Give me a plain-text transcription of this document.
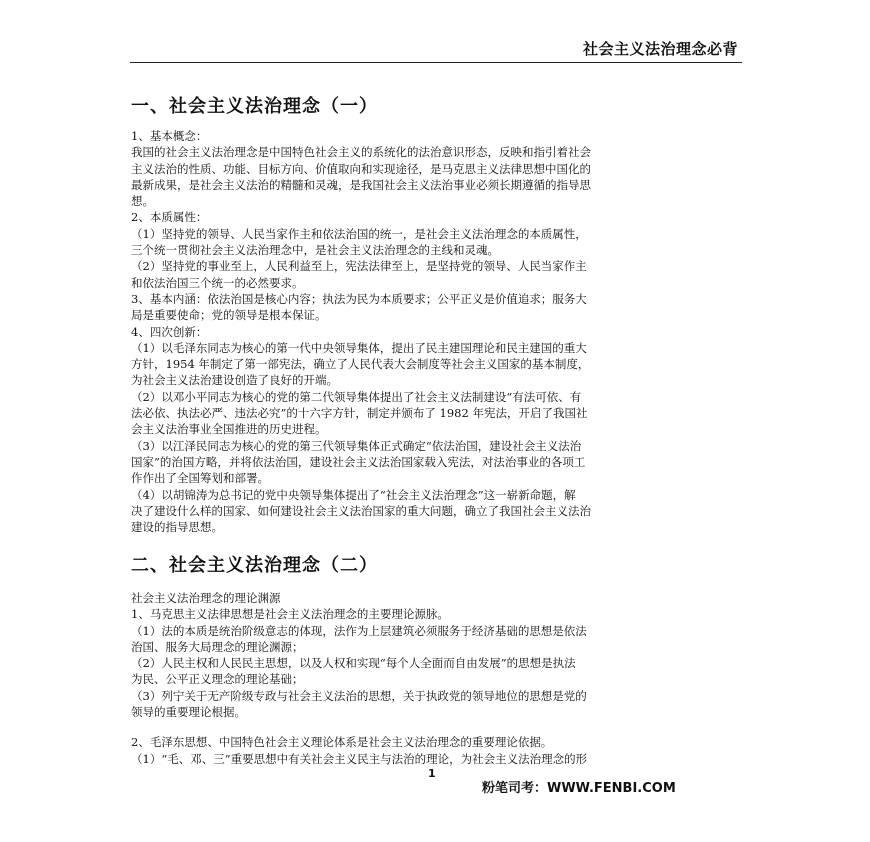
社会主义法治理念必背
一、社会主义法治理念（一）
1、基本概念：
我国的社会主义法治理念是中国特色社会主义的系统化的法治意识形态，反映和指引着社会
主义法治的性质、功能、目标方向、价值取向和实现途径，是马克思主义法律思想中国化的
最新成果，是社会主义法治的精髓和灵魂，是我国社会主义法治事业必须长期遵循的指导思
想。
2、本质属性：
（1）坚持党的领导、人民当家作主和依法治国的统一，是社会主义法治理念的本质属性，
三个统一贯彻社会主义法治理念中，是社会主义法治理念的主线和灵魂。
（2）坚持党的事业至上，人民利益至上，宪法法律至上，是坚持党的领导、人民当家作主
和依法治国三个统一的必然要求。
3、基本内涵：依法治国是核心内容；执法为民为本质要求；公平正义是价值追求；服务大
局是重要使命；党的领导是根本保证。
4、四次创新：
（1）以毛泽东同志为核心的第一代中央领导集体，提出了民主建国理论和民主建国的重大
方针，1954 年制定了第一部宪法，确立了人民代表大会制度等社会主义国家的基本制度，
为社会主义法治建设创造了良好的开端。
（2）以邓小平同志为核心的党的第二代领导集体提出了社会主义法制建设“有法可依、有
法必依、执法必严、违法必究”的十六字方针，制定并颁布了 1982 年宪法，开启了我国社
会主义法治事业全国推进的历史进程。
（3）以江泽民同志为核心的党的第三代领导集体正式确定“依法治国，建设社会主义法治
国家”的治国方略，并将依法治国，建设社会主义法治国家载入宪法，对法治事业的各项工
作作出了全国筹划和部署。
（4）以胡锦涛为总书记的党中央领导集体提出了“社会主义法治理念”这一崭新命题，解
决了建设什么样的国家、如何建设社会主义法治国家的重大问题，确立了我国社会主义法治
建设的指导思想。
二、社会主义法治理念（二）
社会主义法治理念的理论渊源
1、马克思主义法律思想是社会主义法治理念的主要理论源脉。
（1）法的本质是统治阶级意志的体现，法作为上层建筑必须服务于经济基础的思想是依法
治国、服务大局理念的理论渊源；
（2）人民主权和人民民主思想，以及人权和实现“每个人全面而自由发展”的思想是执法
为民、公平正义理念的理论基础；
（3）列宁关于无产阶级专政与社会主义法治的思想，关于执政党的领导地位的思想是党的
领导的重要理论根据。
2、毛泽东思想、中国特色社会主义理论体系是社会主义法治理念的重要理论依据。
（1）“毛、邓、三”重要思想中有关社会主义民主与法治的理论，为社会主义法治理念的形
1
粉笔司考：WWW.FENBI.COM
